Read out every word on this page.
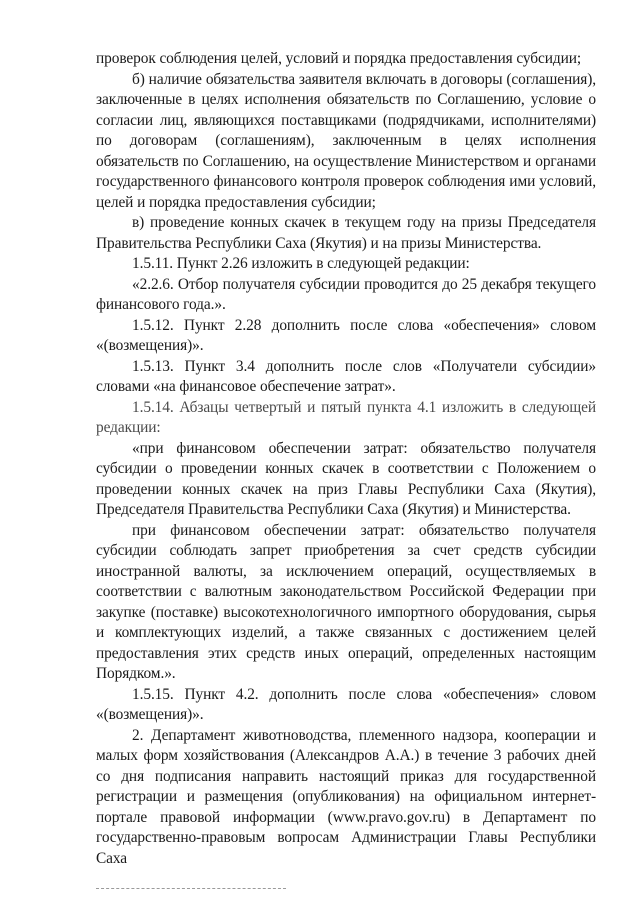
проверок соблюдения целей, условий и порядка предоставления субсидии;

б) наличие обязательства заявителя включать в договоры (соглашения), заключенные в целях исполнения обязательств по Соглашению, условие о согласии лиц, являющихся поставщиками (подрядчиками, исполнителями) по договорам (соглашениям), заключенным в целях исполнения обязательств по Соглашению, на осуществление Министерством и органами государственного финансового контроля проверок соблюдения ими условий, целей и порядка предоставления субсидии;

в) проведение конных скачек в текущем году на призы Председателя Правительства Республики Саха (Якутия) и на призы Министерства.

1.5.11. Пункт 2.26 изложить в следующей редакции:

«2.2.6. Отбор получателя субсидии проводится до 25 декабря текущего финансового года.».

1.5.12. Пункт 2.28 дополнить после слова «обеспечения» словом «(возмещения)».

1.5.13. Пункт 3.4 дополнить после слов «Получатели субсидии» словами «на финансовое обеспечение затрат».

1.5.14. Абзацы четвертый и пятый пункта 4.1 изложить в следующей редакции:

«при финансовом обеспечении затрат: обязательство получателя субсидии о проведении конных скачек в соответствии с Положением о проведении конных скачек на приз Главы Республики Саха (Якутия), Председателя Правительства Республики Саха (Якутия) и Министерства.

при финансовом обеспечении затрат: обязательство получателя субсидии соблюдать запрет приобретения за счет средств субсидии иностранной валюты, за исключением операций, осуществляемых в соответствии с валютным законодательством Российской Федерации при закупке (поставке) высокотехнологичного импортного оборудования, сырья и комплектующих изделий, а также связанных с достижением целей предоставления этих средств иных операций, определенных настоящим Порядком.».

1.5.15. Пункт 4.2. дополнить после слова «обеспечения» словом «(возмещения)».

2. Департамент животноводства, племенного надзора, кооперации и малых форм хозяйствования (Александров А.А.) в течение 3 рабочих дней со дня подписания направить настоящий приказ для государственной регистрации и размещения (опубликования) на официальном интернет-портале правовой информации (www.pravo.gov.ru) в Департамент по государственно-правовым вопросам Администрации Главы Республики Саха
